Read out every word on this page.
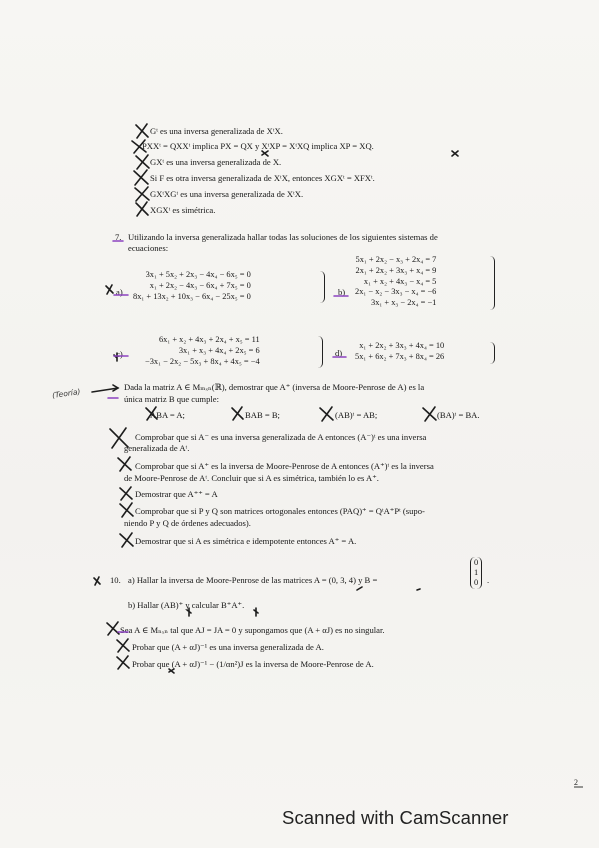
Gᵗ es una inversa generalizada de XᵗX.
PXXᵗ = QXXᵗ implica PX = QX y XᵗXP = XᵗXQ implica XP = XQ.
GXᵗ es una inversa generalizada de X.
Si F es otra inversa generalizada de XᵗX, entonces XGXᵗ = XFXᵗ.
GXᵗXGᵗ es una inversa generalizada de XᵗX.
XGXᵗ es simétrica.
7. Utilizando la inversa generalizada hallar todas las soluciones de los siguientes sistemas de
ecuaciones:
a)
3x₁ + 5x₂ + 2x₃ − 4x₄ − 6x₅ = 0
x₁ + 2x₂ − 4x₃ − 6x₄ + 7x₅ = 0
8x₁ + 13x₂ + 10x₃ − 6x₄ − 25x₅ = 0	b)
5x₁ + 2x₂ − x₃ + 2x₄ = 7
2x₁ + 2x₂ + 3x₃ + x₄ = 9
x₁ + x₂ + 4x₃ − x₄ = 5
2x₁ − x₂ − 3x₃ − x₄ = −6
3x₁ + x₃ − 2x₄ = −1
c)
6x₁ + x₂ + 4x₃ + 2x₄ + x₅ = 11
3x₁ + x₃ + 4x₄ + 2x₅ = 6
−3x₁ − 2x₂ − 5x₃ + 8x₄ + 4x₅ = −4
d)
x₁ + 2x₂ + 3x₃ + 4x₄ = 10
5x₁ + 6x₂ + 7x₃ + 8x₄ = 26
(Teoría)
Dada la matriz A ∈ Mₘₓₙ(ℝ), demostrar que A⁺ (inversa de Moore-Penrose de A) es la
única matriz B que cumple:
ABA = A;	BAB = B;	(AB)ᵗ = AB;	(BA)ᵗ = BA.
Comprobar que si A⁻ es una inversa generalizada de A entonces (A⁻)ᵗ es una inversa
generalizada de Aᵗ.
Comprobar que si A⁺ es la inversa de Moore-Penrose de A entonces (A⁺)ᵗ es la inversa
de Moore-Penrose de Aᵗ. Concluir que si A es simétrica, también lo es A⁺.
Demostrar que A⁺⁺ = A
Comprobar que si P y Q son matrices ortogonales entonces (PAQ)⁺ = QᵗA⁺Pᵗ (supo-
niendo P y Q de órdenes adecuados).
Demostrar que si A es simétrica e idempotente entonces A⁺ = A.
10. a) Hallar la inversa de Moore-Penrose de las matrices A = (0, 3, 4) y B =
0
1
0 .
b) Hallar (AB)⁺ y calcular B⁺A⁺.
Sea A ∈ Mₙₓₙ tal que AJ = JA = 0 y supongamos que (A + αJ) es no singular.
Probar que (A + αJ)⁻¹ es una inversa generalizada de A.
Probar que (A + αJ)⁻¹ − (1/αn²)J es la inversa de Moore-Penrose de A.
2
Scanned with CamScanner
